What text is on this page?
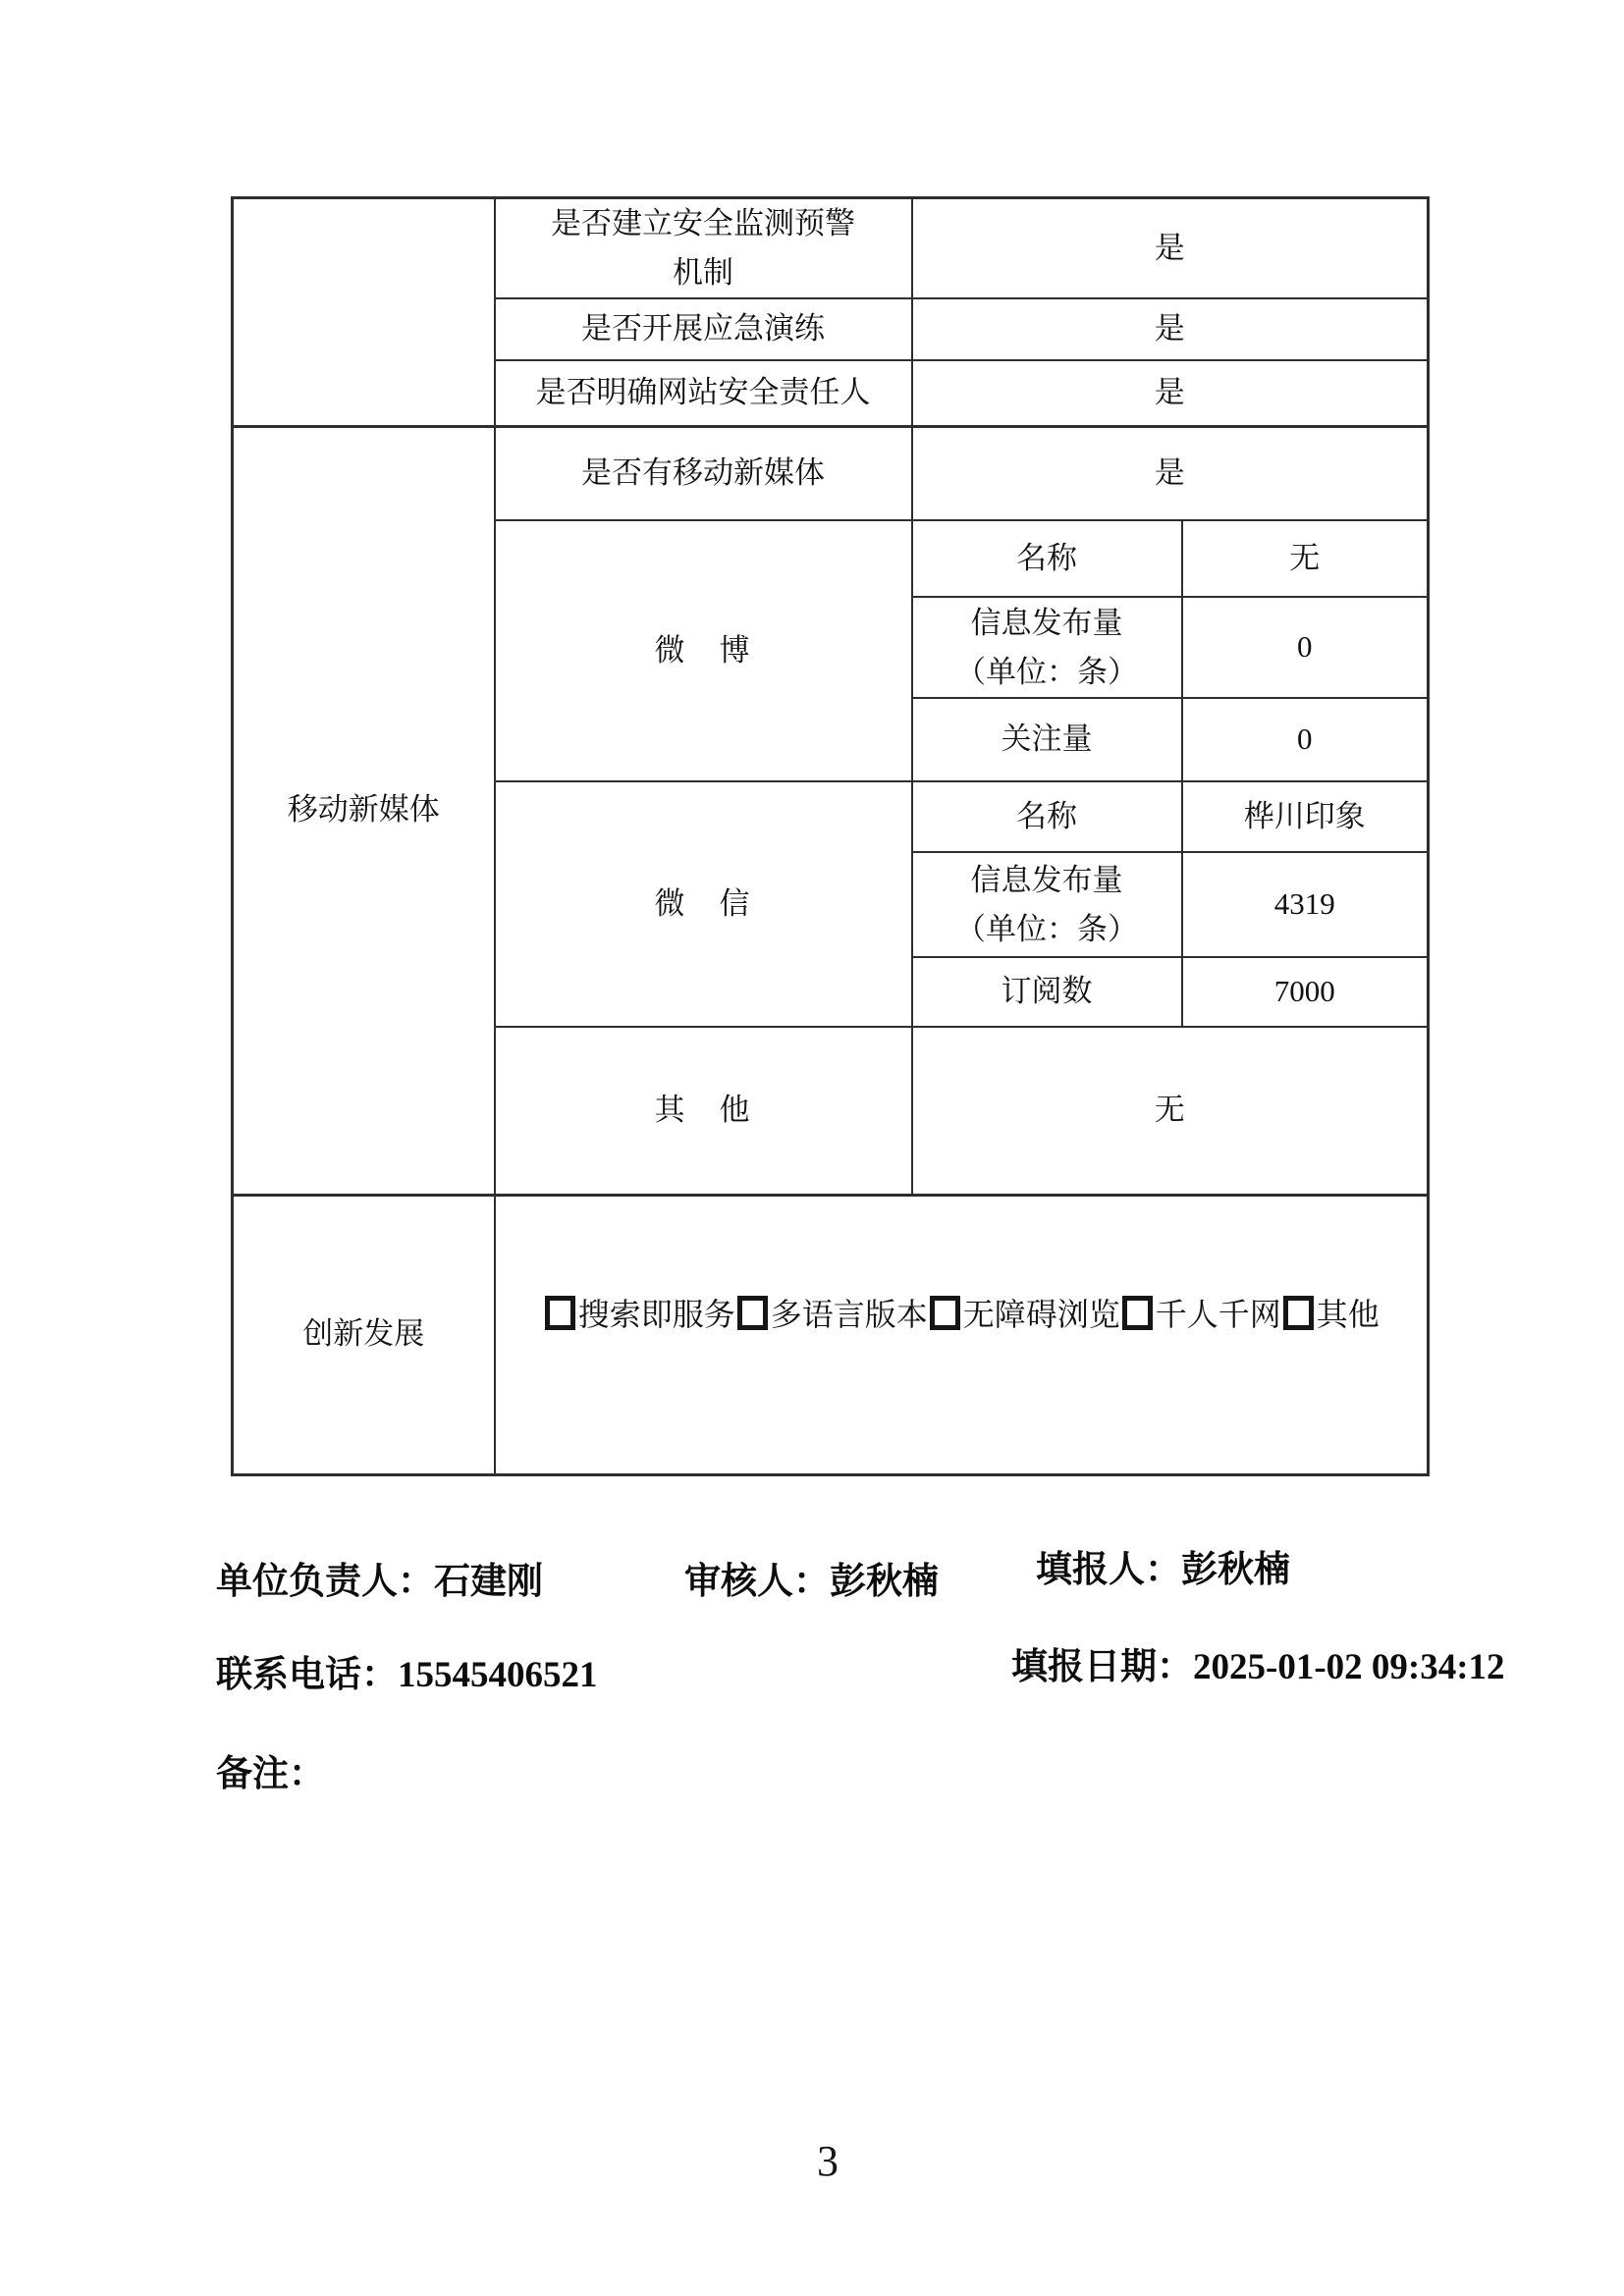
	是否建立安全监测预警
机制	是	
	是否开展应急演练	是	
	是否明确网站安全责任人	是	
移动新媒体	是否有移动新媒体	是	
	微　博	名称	无

		信息发布量
（单位：条）	0
		关注量	0
	微　信	名称	桦川印象

		信息发布量
（单位：条）	4319
		订阅数	7000
	其　他	无	
创新发展	搜索即服务 多语言版本 无障碍浏览 千人千网 其他		
单位负责人：石建刚	审核人：彭秋楠	填报人：彭秋楠
联系电话：15545406521	填报日期：2025-01-02 09:34:12
备注：
3
